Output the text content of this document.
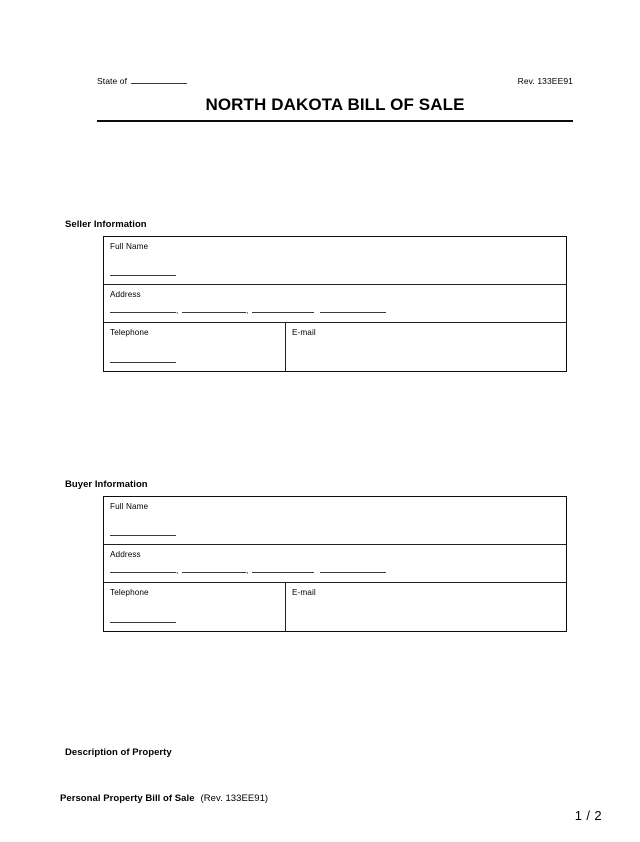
State of	Rev. 133EE91
NORTH DAKOTA BILL OF SALE
Seller Information
Full Name
Address
,	,
Telephone	E-mail
Buyer Information
Full Name
Address
,	,
Telephone	E-mail
Description of Property
Personal Property Bill of Sale (Rev. 133EE91)
1 / 2
